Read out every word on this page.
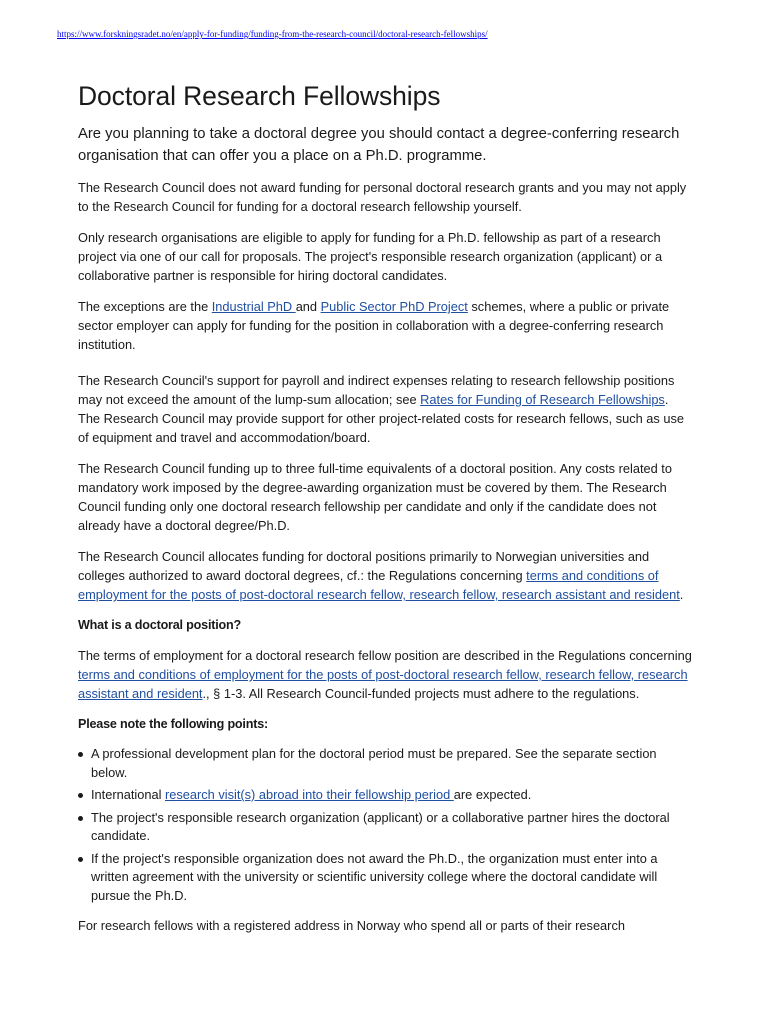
https://www.forskningsradet.no/en/apply-for-funding/funding-from-the-research-council/doctoral-research-fellowships/
Doctoral Research Fellowships

Are you planning to take a doctoral degree you should contact a degree-conferring research organisation that can offer you a place on a Ph.D. programme.

The Research Council does not award funding for personal doctoral research grants and you may not apply to the Research Council for funding for a doctoral research fellowship yourself.

Only research organisations are eligible to apply for funding for a Ph.D. fellowship as part of a research project via one of our call for proposals. The project's responsible research organization (applicant) or a collaborative partner is responsible for hiring doctoral candidates.

The exceptions are the Industrial PhD and Public Sector PhD Project schemes, where a public or private sector employer can apply for funding for the position in collaboration with a degree-conferring research institution.

The Research Council's support for payroll and indirect expenses relating to research fellowship positions may not exceed the amount of the lump-sum allocation; see Rates for Funding of Research Fellowships. The Research Council may provide support for other project-related costs for research fellows, such as use of equipment and travel and accommodation/board.

The Research Council funding up to three full-time equivalents of a doctoral position. Any costs related to mandatory work imposed by the degree-awarding organization must be covered by them. The Research Council funding only one doctoral research fellowship per candidate and only if the candidate does not already have a doctoral degree/Ph.D.

The Research Council allocates funding for doctoral positions primarily to Norwegian universities and colleges authorized to award doctoral degrees, cf.: the Regulations concerning terms and conditions of employment for the posts of post-doctoral research fellow, research fellow, research assistant and resident.

What is a doctoral position?

The terms of employment for a doctoral research fellow position are described in the Regulations concerning terms and conditions of employment for the posts of post-doctoral research fellow, research fellow, research assistant and resident., § 1-3. All Research Council-funded projects must adhere to the regulations.

Please note the following points:
A professional development plan for the doctoral period must be prepared. See the separate section below.
International research visit(s) abroad into their fellowship period are expected.
The project's responsible research organization (applicant) or a collaborative partner hires the doctoral candidate.
If the project's responsible organization does not award the Ph.D., the organization must enter into a written agreement with the university or scientific university college where the doctoral candidate will pursue the Ph.D.

For research fellows with a registered address in Norway who spend all or parts of their research
